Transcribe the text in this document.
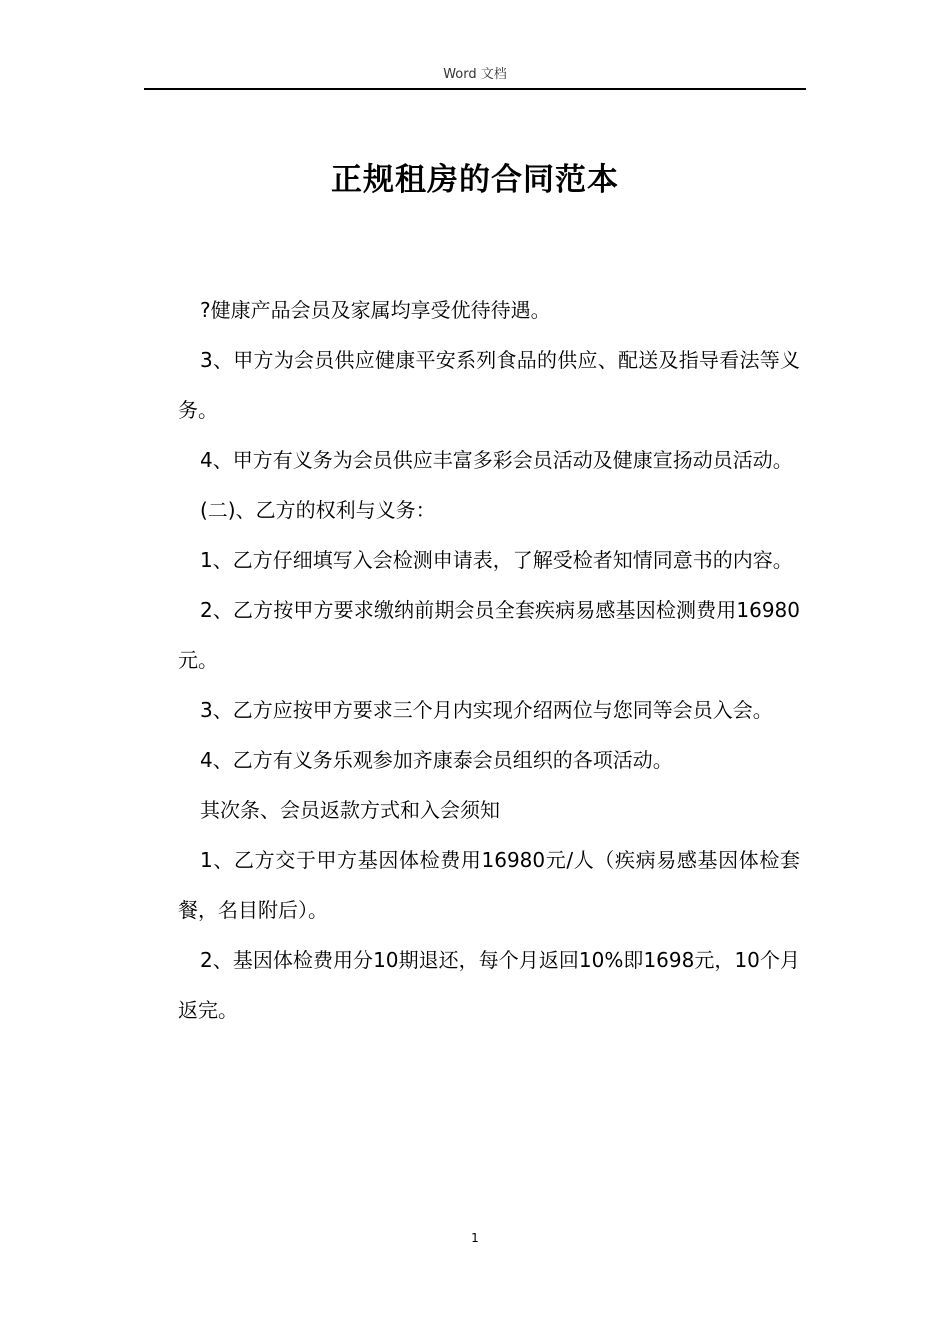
Word 文档
正规租房的合同范本

?健康产品会员及家属均享受优待待遇。

3、甲方为会员供应健康平安系列食品的供应、配送及指导看法等义务。

4、甲方有义务为会员供应丰富多彩会员活动及健康宣扬动员活动。

(二)、乙方的权利与义务：

1、乙方仔细填写入会检测申请表，了解受检者知情同意书的内容。

2、乙方按甲方要求缴纳前期会员全套疾病易感基因检测费用16980元。

3、乙方应按甲方要求三个月内实现介绍两位与您同等会员入会。

4、乙方有义务乐观参加齐康泰会员组织的各项活动。

其次条、会员返款方式和入会须知

1、乙方交于甲方基因体检费用16980元/人（疾病易感基因体检套餐，名目附后）。

2、基因体检费用分10期退还，每个月返回10%即1698元，10个月返完。

1
